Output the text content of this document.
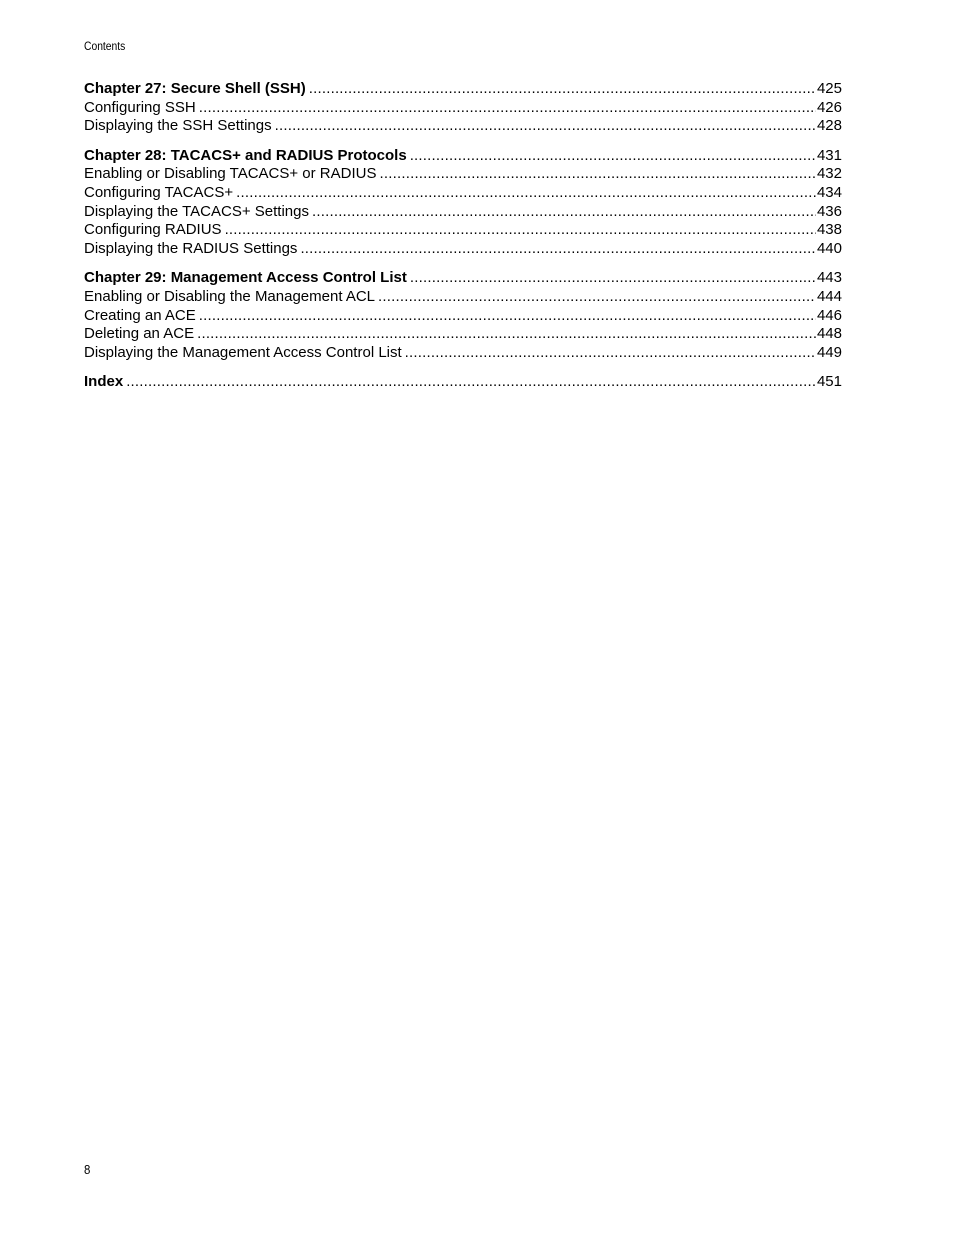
Contents
Chapter 27: Secure Shell (SSH) .....	425
Configuring SSH .....	426
Displaying the SSH Settings .....	428
Chapter 28: TACACS+ and RADIUS Protocols .....	431
Enabling or Disabling TACACS+ or RADIUS .....	432
Configuring TACACS+ .....	434
Displaying the TACACS+ Settings .....	436
Configuring RADIUS .....	438
Displaying the RADIUS Settings .....	440
Chapter 29: Management Access Control List .....	443
Enabling or Disabling the Management ACL .....	444
Creating an ACE .....	446
Deleting an ACE .....	448
Displaying the Management Access Control List .....	449
Index .....	451
8
